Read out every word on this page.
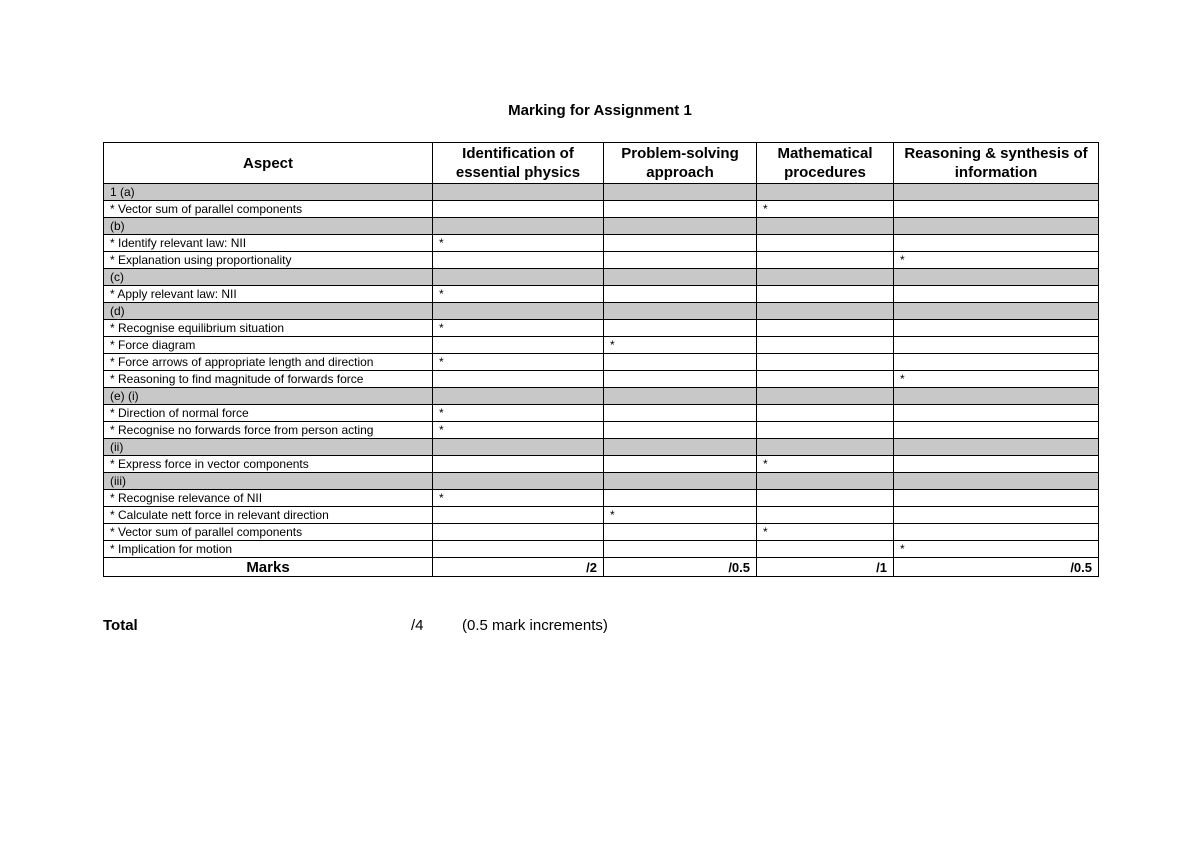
Marking for Assignment 1
Aspect	Identification of essential physics	Problem-solving approach	Mathematical procedures	Reasoning & synthesis of information
1 (a)				
* Vector sum of parallel components			*	
(b)				
* Identify relevant law: NII	*			
* Explanation using proportionality				*
(c)				
* Apply relevant law: NII	*			
(d)				
* Recognise equilibrium situation	*			
* Force diagram		*		
* Force arrows of appropriate length and direction	*			
* Reasoning to find magnitude of forwards force				*
(e) (i)				
* Direction of normal force	*			
* Recognise no forwards force from person acting	*			
(ii)				
* Express force in vector components			*	
(iii)				
* Recognise relevance of NII	*			
* Calculate nett force in relevant direction		*		
* Vector sum of parallel components			*	
* Implication for motion				*
Marks	/2	/0.5	/1	/0.5
Total	/4	(0.5 mark increments)
